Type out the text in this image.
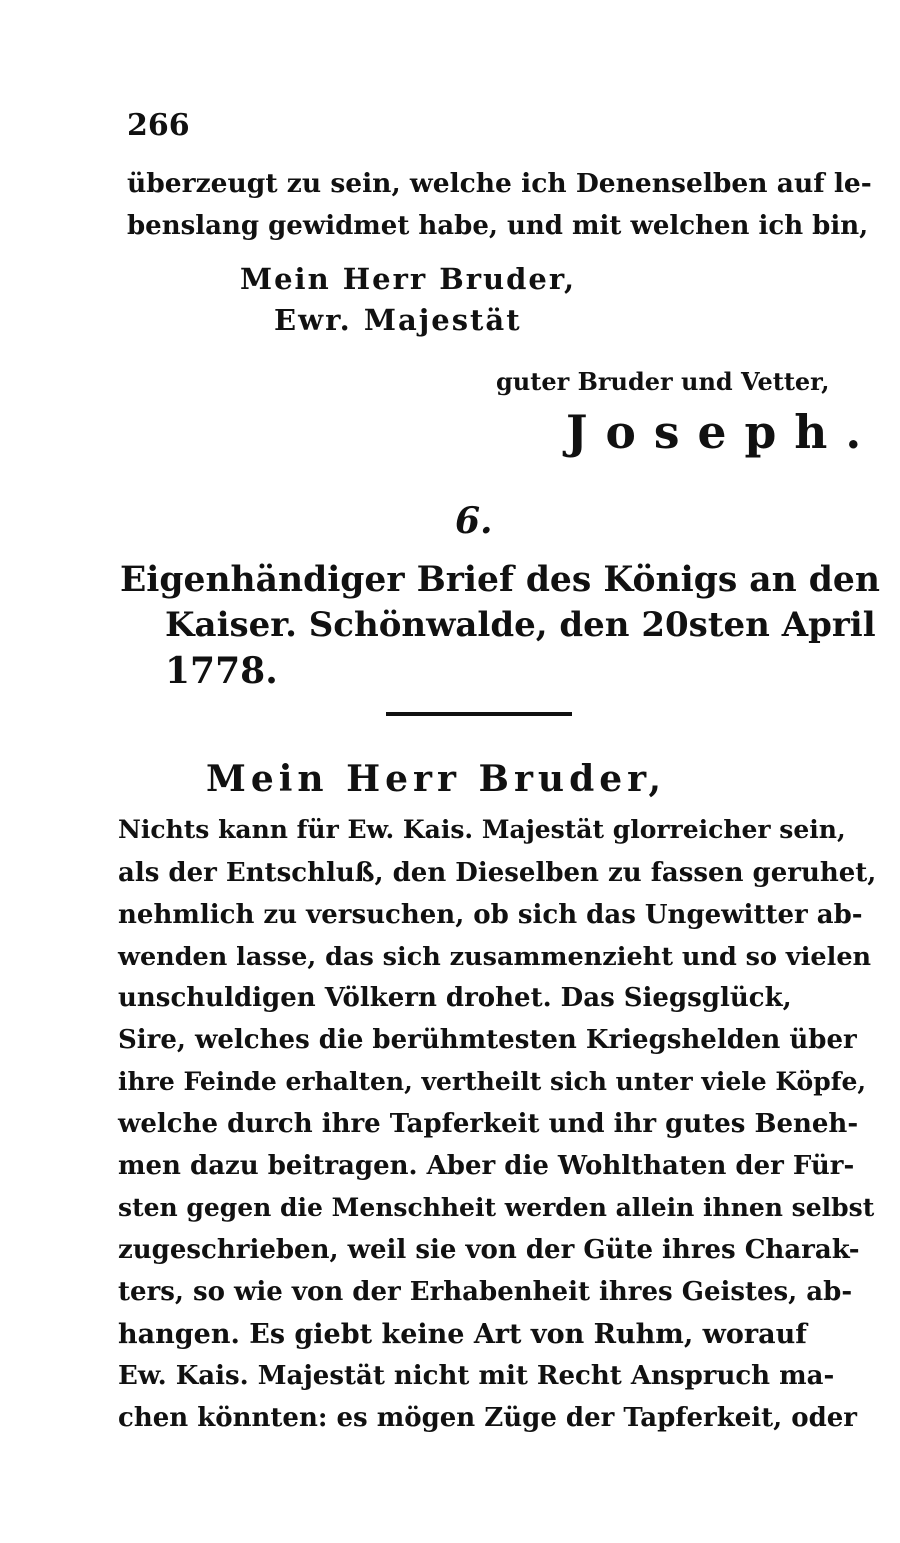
266
überzeugt zu sein, welche ich Denenselben auf le-
benslang gewidmet habe, und mit welchen ich bin,
Mein Herr Bruder,
Ewr. Majestät
guter Bruder und Vetter,
Joseph.
6.
Eigenhändiger Brief des Königs an den
Kaiser. Schönwalde, den 20sten April
1778.
Mein Herr Bruder,
Nichts kann für Ew. Kais. Majestät glorreicher sein,
als der Entschluß, den Dieselben zu fassen geruhet,
nehmlich zu versuchen, ob sich das Ungewitter ab-
wenden lasse, das sich zusammenzieht und so vielen
unschuldigen Völkern drohet. Das Siegsglück,
Sire, welches die berühmtesten Kriegshelden über
ihre Feinde erhalten, vertheilt sich unter viele Köpfe,
welche durch ihre Tapferkeit und ihr gutes Beneh-
men dazu beitragen. Aber die Wohlthaten der Für-
sten gegen die Menschheit werden allein ihnen selbst
zugeschrieben, weil sie von der Güte ihres Charak-
ters, so wie von der Erhabenheit ihres Geistes, ab-
hangen. Es giebt keine Art von Ruhm, worauf
Ew. Kais. Majestät nicht mit Recht Anspruch ma-
chen könnten: es mögen Züge der Tapferkeit, oder
